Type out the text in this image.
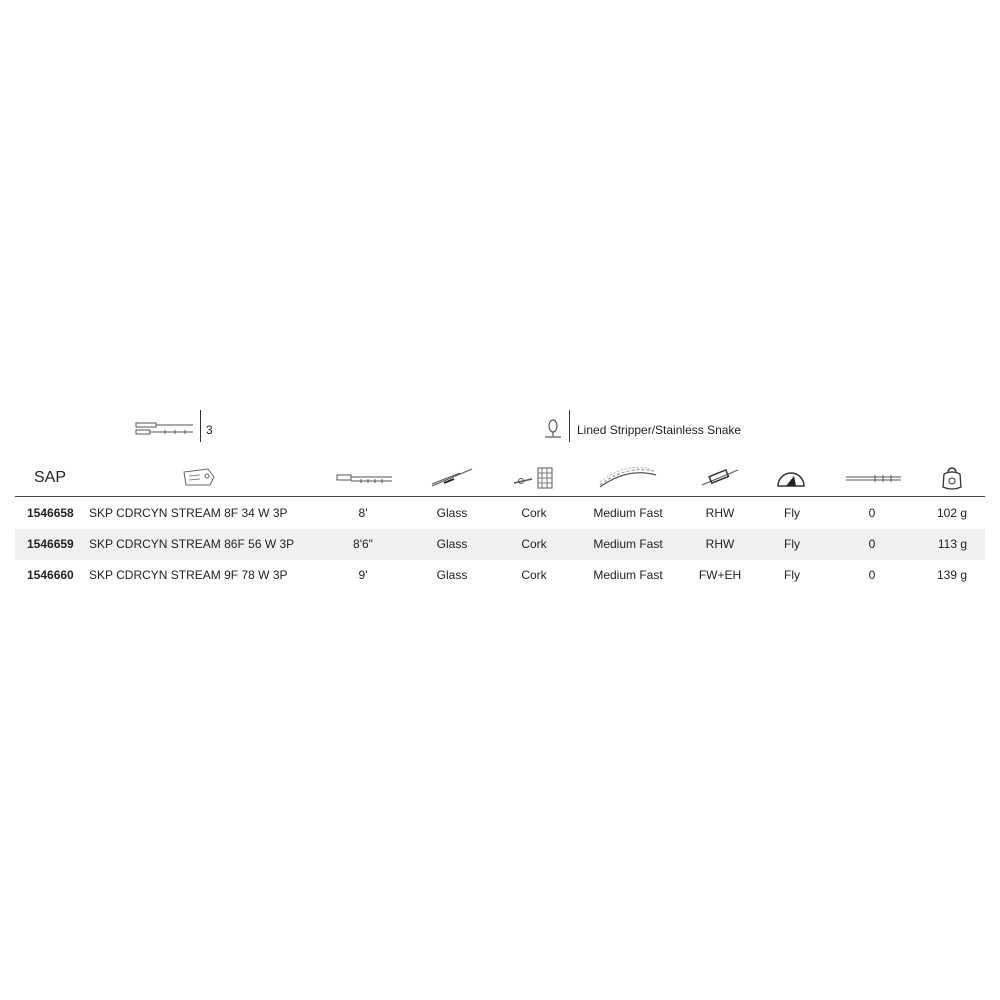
3	Lined Stripper/Stainless Snake
SAP
1546658 SKP CDRCYN STREAM 8F 34 W 3P	8'	Glass	Cork	Medium Fast	RHW	Fly	0	102 g
1546659 SKP CDRCYN STREAM 86F 56 W 3P	8'6"	Glass	Cork	Medium Fast	RHW	Fly	0	113 g
1546660 SKP CDRCYN STREAM 9F 78 W 3P	9'	Glass	Cork	Medium Fast	FW+EH	Fly	0	139 g
